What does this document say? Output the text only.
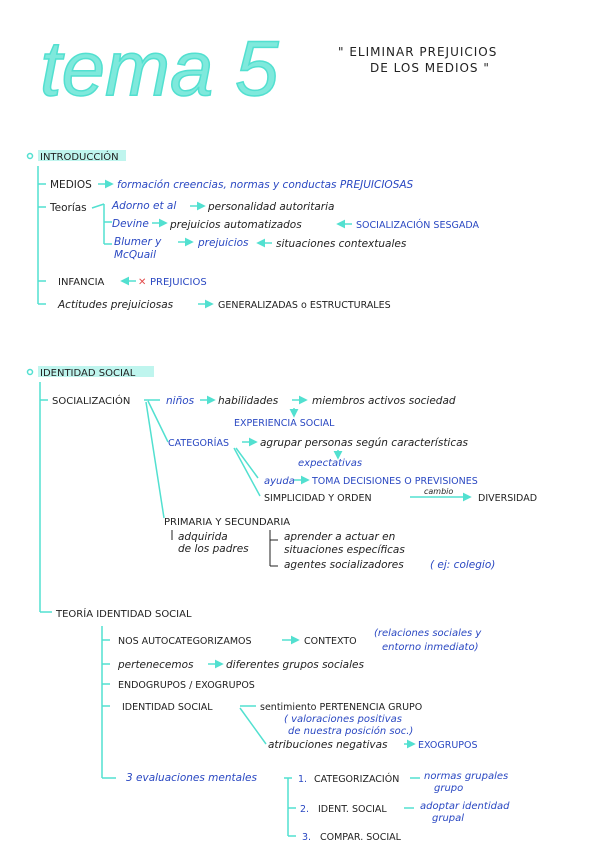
tema 5	" ELIMINAR PREJUICIOS
DE LOS MEDIOS "
INTRODUCCIÓN
MEDIOS formación creencias, normas y conductas PREJUICIOSAS
Teorías Adorno et al	personalidad autoritaria
Devine prejuicios automatizados	SOCIALIZACIÓN SESGADA
Blumer y
McQuail
prejuicios	situaciones contextuales
INFANCIA	✕ PREJUICIOS
Actitudes prejuiciosas	GENERALIZADAS o ESTRUCTURALES
IDENTIDAD SOCIAL
SOCIALIZACIÓN	niños habilidades	miembros activos sociedad
EXPERIENCIA SOCIAL
CATEGORÍAS	agrupar personas según características
expectativas
ayuda TOMA DECISIONES O PREVISIONES
SIMPLICIDAD Y ORDEN
cambio
DIVERSIDAD
PRIMARIA Y SECUNDARIA
adquirida
de los padres
aprender a actuar en
situaciones específicas
agentes socializadores	( ej: colegio)
TEORÍA IDENTIDAD SOCIAL
NOS AUTOCATEGORIZAMOS	CONTEXTO
(relaciones sociales y
entorno inmediato)
pertenecemos	diferentes grupos sociales
ENDOGRUPOS / EXOGRUPOS
IDENTIDAD SOCIAL	sentimiento PERTENENCIA GRUPO
( valoraciones positivas
de nuestra posición soc.)
atribuciones negativas	EXOGRUPOS
3 evaluaciones mentales	1. CATEGORIZACIÓN normas grupales
grupo
2. IDENT. SOCIAL	adoptar identidad
grupal
3. COMPAR. SOCIAL
